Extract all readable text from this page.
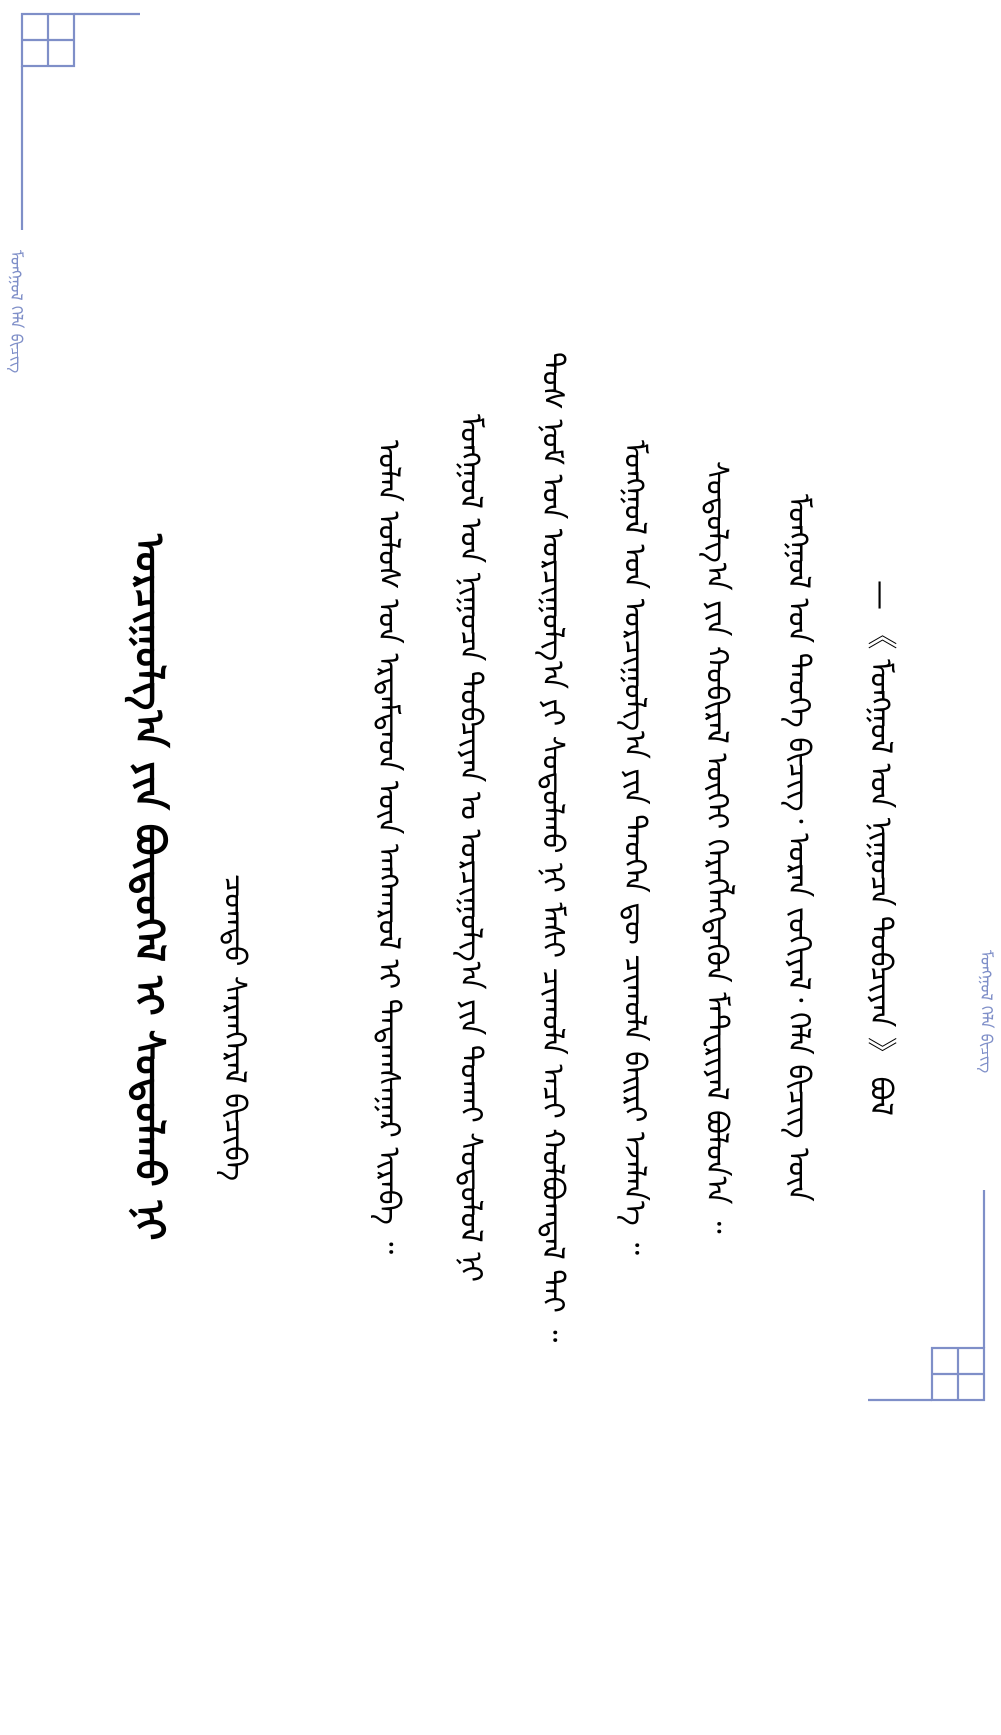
ᠮᠣᠩᠭᠣᠯ ᠬᠡᠯᠡ ᠪᠢᠴᠢᠭ
ᠮᠣᠩᠭᠣᠯ ᠬᠡᠯᠡ ᠪᠢᠴᠢᠭ
ᠣᠷᠴᠢᠭᠤᠯᠭ᠎ᠠ ᠶᠢᠨ ᠪᠦᠲᠦᠭᠡᠯ ᠢ ᠰᠤᠳᠤᠯᠬᠤ ᠨᠢ	ᠴᠣᠭᠲᠤ ᠰᠠᠷᠠᠨᠭᠡᠷᠡᠯ ᠪᠢᠴᠢᠪᠡ	ᠣᠯᠠᠨ ᠤᠯᠤᠰ ᠤᠨ ᠡᠷᠳᠡᠮᠲᠡᠳ ᠦᠨ ᠠᠩᠬᠠᠷᠤᠯ ᠢ ᠲᠠᠲᠠᠭᠰᠠᠭᠠᠷ ᠢᠷᠡᠪᠡ ᠃	ᠮᠣᠩᠭᠣᠯ ᠤᠨ ᠨᠢᠭᠤᠴᠠ ᠲᠤᠪᠴᠢᠶᠠᠨ ᠤ ᠣᠷᠴᠢᠭᠤᠯᠭ᠎ᠠ ᠶᠢᠨ ᠲᠤᠬᠠᠢ ᠰᠤᠳᠤᠯᠤᠯ ᠨᠢ	ᠲᠤᠰ ᠨᠣᠮ ᠤᠨ ᠣᠷᠴᠢᠭᠤᠯᠭ᠎ᠠ ᠶᠢ ᠰᠤᠳᠤᠯᠬᠤ ᠨᠢ ᠮᠠᠰᠢ ᠴᠢᠬᠤᠯᠠ ᠠᠴᠢ ᠬᠣᠯᠪᠣᠭᠳᠠᠯ ᠲᠠᠢ ᠃	ᠮᠣᠩᠭᠣᠯ ᠤᠨ ᠣᠷᠴᠢᠭᠤᠯᠭ᠎ᠠ ᠶᠢᠨ ᠲᠡᠦᠬᠡᠨ ᠳᠦ ᠴᠢᠬᠤᠯᠠ ᠪᠠᠢᠷᠢ ᠡᠵᠡᠯᠡᠨ᠎ᠡ ᠃	ᠰᠤᠳᠤᠯᠭ᠎ᠠ ᠶᠢᠨ ᠬᠤᠪᠢᠷᠠᠯ ᠦᠭᠡᠢ ᠬᠡᠷᠡᠭᠯᠡᠭᠳᠡᠬᠦᠨ ᠮᠠᠲᠧᠷᠢᠶᠠᠯ ᠪᠣᠯᠤᠨ᠎ᠠ ᠃	ᠮᠣᠩᠭᠣᠯ ᠤᠨ ᠲᠡᠦᠬᠡ ᠪᠢᠴᠢᠭ᠂ ᠤᠷᠠᠨ ᠵᠣᠬᠢᠶᠠᠯ᠂ ᠬᠡᠯᠡ ᠪᠢᠴᠢᠭ ᠦᠨ	— 《 ᠮᠣᠩᠭᠣᠯ ᠤᠨ ᠨᠢᠭᠤᠴᠠ ᠲᠤᠪᠴᠢᠶᠠᠨ 》 ᠪᠣᠯ
